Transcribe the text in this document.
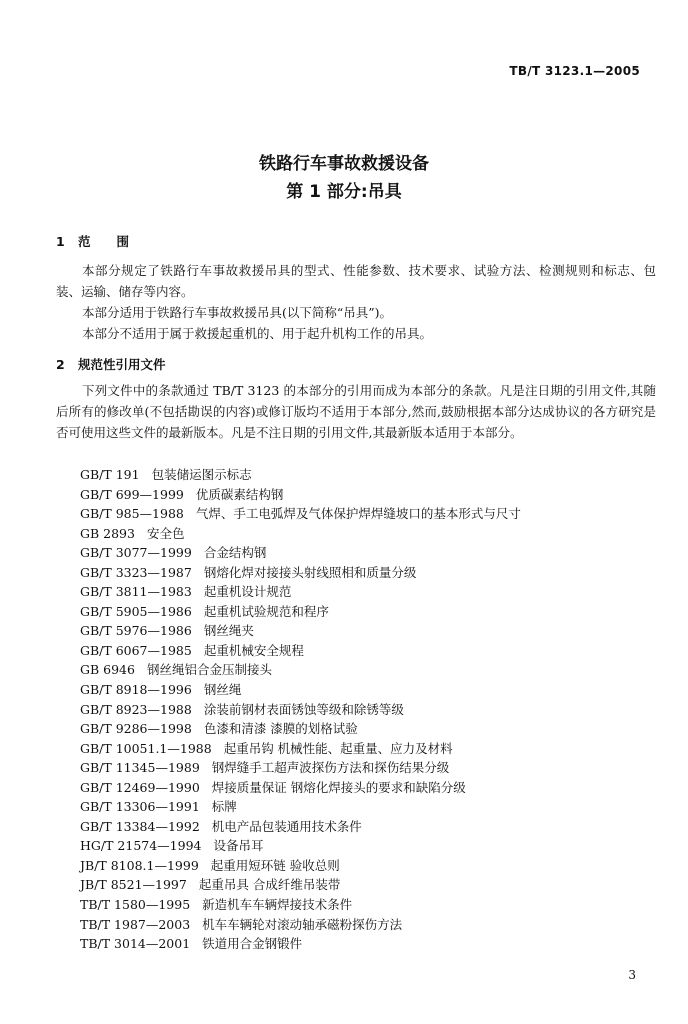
TB/T 3123.1—2005
铁路行车事故救援设备
第 1 部分:吊具
1 范围

本部分规定了铁路行车事故救援吊具的型式、性能参数、技术要求、试验方法、检测规则和标志、包装、运输、储存等内容。

本部分适用于铁路行车事故救援吊具(以下简称“吊具”)。

本部分不适用于属于救援起重机的、用于起升机构工作的吊具。

2 规范性引用文件

下列文件中的条款通过 TB/T 3123 的本部分的引用而成为本部分的条款。凡是注日期的引用文件,其随后所有的修改单(不包括勘误的内容)或修订版均不适用于本部分,然而,鼓励根据本部分达成协议的各方研究是否可使用这些文件的最新版本。凡是不注日期的引用文件,其最新版本适用于本部分。

GB/T 191 包装储运图示标志
GB/T 699—1999 优质碳素结构钢
GB/T 985—1988 气焊、手工电弧焊及气体保护焊焊缝坡口的基本形式与尺寸
GB 2893 安全色
GB/T 3077—1999 合金结构钢
GB/T 3323—1987 钢熔化焊对接接头射线照相和质量分级
GB/T 3811—1983 起重机设计规范
GB/T 5905—1986 起重机试验规范和程序
GB/T 5976—1986 钢丝绳夹
GB/T 6067—1985 起重机械安全规程
GB 6946 钢丝绳铝合金压制接头
GB/T 8918—1996 钢丝绳
GB/T 8923—1988 涂装前钢材表面锈蚀等级和除锈等级
GB/T 9286—1998 色漆和清漆 漆膜的划格试验
GB/T 10051.1—1988 起重吊钩 机械性能、起重量、应力及材料
GB/T 11345—1989 钢焊缝手工超声波探伤方法和探伤结果分级
GB/T 12469—1990 焊接质量保证 钢熔化焊接头的要求和缺陷分级
GB/T 13306—1991 标牌
GB/T 13384—1992 机电产品包装通用技术条件
HG/T 21574—1994 设备吊耳
JB/T 8108.1—1999 起重用短环链 验收总则
JB/T 8521—1997 起重吊具 合成纤维吊装带
TB/T 1580—1995 新造机车车辆焊接技术条件
TB/T 1987—2003 机车车辆轮对滚动轴承磁粉探伤方法
TB/T 3014—2001 铁道用合金钢锻件
3
